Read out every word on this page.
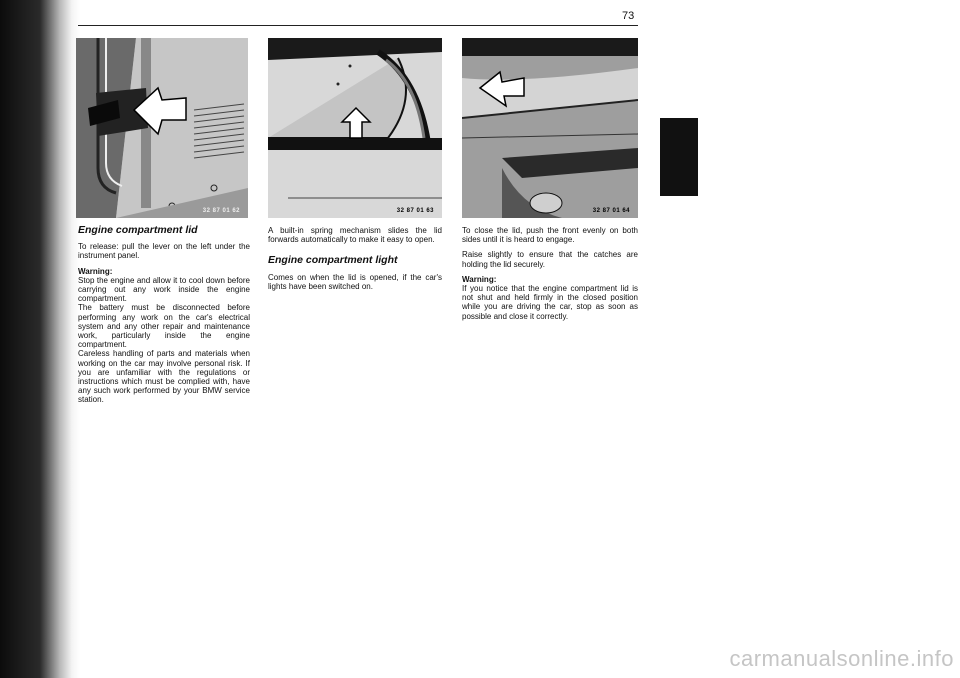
73
32 87 01 62	32 87 01 63	32 87 01 64
Engine compartment lid

To release: pull the lever on the left under the instrument panel.

Warning:
Stop the engine and allow it to cool down before carrying out any work inside the engine compartment.
The battery must be disconnected before performing any work on the car's electrical system and any other repair and maintenance work, particularly inside the engine compartment.
Careless handling of parts and materials when working on the car may involve personal risk. If you are unfamiliar with the regulations or instructions which must be complied with, have any such work performed by your BMW service station.

A built-in spring mechanism slides the lid forwards automatically to make it easy to open.

Engine compartment light

Comes on when the lid is opened, if the car's lights have been switched on.

To close the lid, push the front evenly on both sides until it is heard to engage.

Raise slightly to ensure that the catches are holding the lid securely.

Warning:
If you notice that the engine compartment lid is not shut and held firmly in the closed position while you are driving the car, stop as soon as possible and close it correctly.

carmanualsonline.info
